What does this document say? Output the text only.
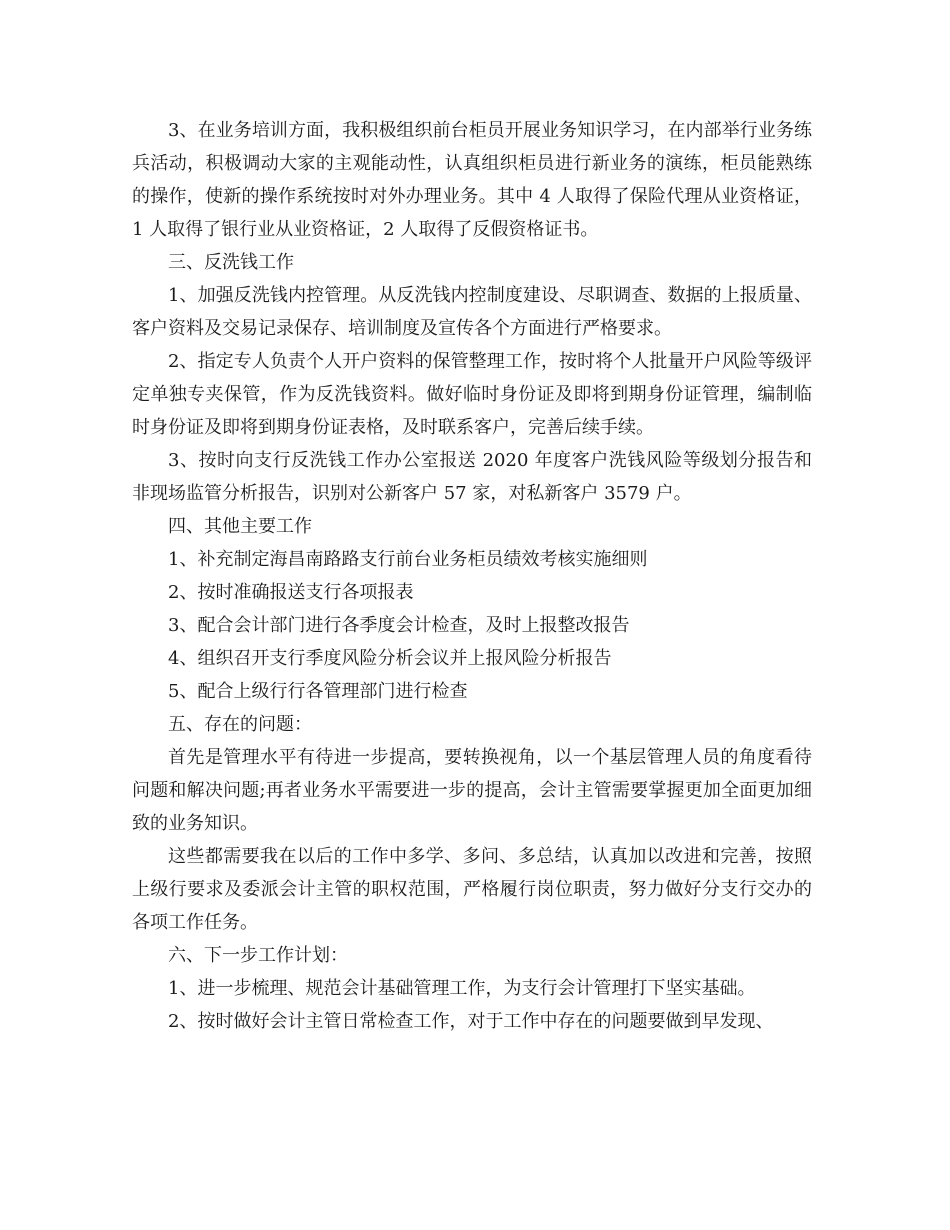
3、在业务培训方面，我积极组织前台柜员开展业务知识学习，在内部举行业务练兵活动，积极调动大家的主观能动性，认真组织柜员进行新业务的演练，柜员能熟练的操作，使新的操作系统按时对外办理业务。其中 4 人取得了保险代理从业资格证，1 人取得了银行业从业资格证，2 人取得了反假资格证书。

三、反洗钱工作

1、加强反洗钱内控管理。从反洗钱内控制度建设、尽职调查、数据的上报质量、客户资料及交易记录保存、培训制度及宣传各个方面进行严格要求。

2、指定专人负责个人开户资料的保管整理工作，按时将个人批量开户风险等级评定单独专夹保管，作为反洗钱资料。做好临时身份证及即将到期身份证管理，编制临时身份证及即将到期身份证表格，及时联系客户，完善后续手续。

3、按时向支行反洗钱工作办公室报送 2020 年度客户洗钱风险等级划分报告和非现场监管分析报告，识别对公新客户 57 家，对私新客户 3579 户。

四、其他主要工作

1、补充制定海昌南路路支行前台业务柜员绩效考核实施细则

2、按时准确报送支行各项报表

3、配合会计部门进行各季度会计检查，及时上报整改报告

4、组织召开支行季度风险分析会议并上报风险分析报告

5、配合上级行行各管理部门进行检查

五、存在的问题：

首先是管理水平有待进一步提高，要转换视角，以一个基层管理人员的角度看待问题和解决问题;再者业务水平需要进一步的提高，会计主管需要掌握更加全面更加细致的业务知识。

这些都需要我在以后的工作中多学、多问、多总结，认真加以改进和完善，按照上级行要求及委派会计主管的职权范围，严格履行岗位职责，努力做好分支行交办的各项工作任务。

六、下一步工作计划：

1、进一步梳理、规范会计基础管理工作，为支行会计管理打下坚实基础。

2、按时做好会计主管日常检查工作，对于工作中存在的问题要做到早发现、
